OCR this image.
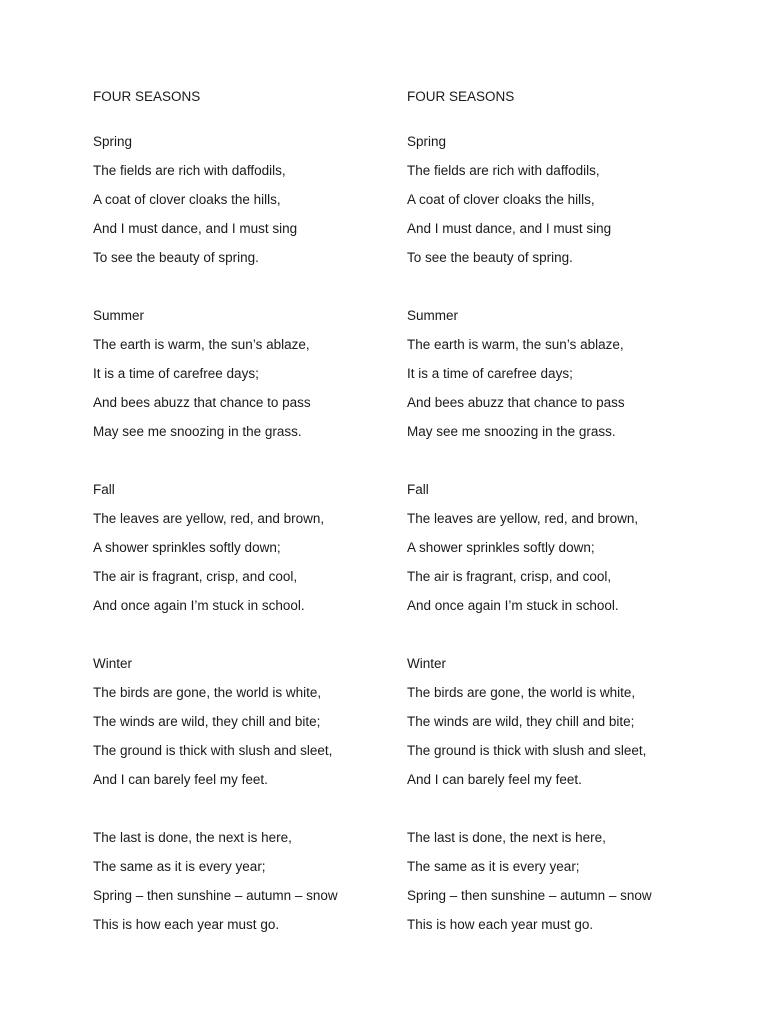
FOUR SEASONS
Spring
The fields are rich with daffodils,
A coat of clover cloaks the hills,
And I must dance, and I must sing
To see the beauty of spring.
Summer
The earth is warm, the sun’s ablaze,
It is a time of carefree days;
And bees abuzz that chance to pass
May see me snoozing in the grass.
Fall
The leaves are yellow, red, and brown,
A shower sprinkles softly down;
The air is fragrant, crisp, and cool,
And once again I’m stuck in school.
Winter
The birds are gone, the world is white,
The winds are wild, they chill and bite;
The ground is thick with slush and sleet,
And I can barely feel my feet.
The last is done, the next is here,
The same as it is every year;
Spring – then sunshine – autumn – snow
This is how each year must go.
FOUR SEASONS
Spring
The fields are rich with daffodils,
A coat of clover cloaks the hills,
And I must dance, and I must sing
To see the beauty of spring.
Summer
The earth is warm, the sun’s ablaze,
It is a time of carefree days;
And bees abuzz that chance to pass
May see me snoozing in the grass.
Fall
The leaves are yellow, red, and brown,
A shower sprinkles softly down;
The air is fragrant, crisp, and cool,
And once again I’m stuck in school.
Winter
The birds are gone, the world is white,
The winds are wild, they chill and bite;
The ground is thick with slush and sleet,
And I can barely feel my feet.
The last is done, the next is here,
The same as it is every year;
Spring – then sunshine – autumn – snow
This is how each year must go.
